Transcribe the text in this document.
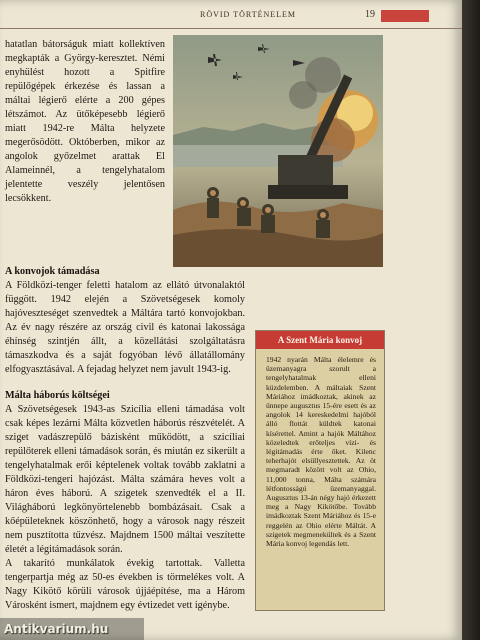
RÖVID TÖRTÉNELEM	19
hatatlan bátorságuk miatt kollektíven megkapták a György-keresztet. Némi enyhülést hozott a Spitfire repülőgépek érkezése és lassan a máltai légierő elérte a 200 gépes létszámot. Az ütőképesebb légierő miatt 1942-re Málta helyzete megerősödött. Októberben, mikor az angolok győzelmet arattak El Alameinnél, a tengelyhatalom jelentette veszély jelentősen lecsökkent.
A konvojok támadása
A Földközi-tenger feletti hatalom az ellátó útvonalaktól függött. 1942 elején a Szövetségesek komoly hajóveszteséget szenvedtek a Máltára tartó konvojokban. Az év nagy részére az ország civil és katonai lakossága éhínség szintjén állt, a közellátási szolgáltatásra támaszkodva és a saját fogyóban lévő állatállomány elfogyasztásával. A fejadag helyzet nem javult 1943-ig.
Málta háborús költségei
A Szövetségesek 1943-as Szicília elleni támadása volt csak képes lezárni Málta közvetlen háborús részvételét. A sziget vadászrepülő bázisként működött, a szicíliai repülőterek elleni támadások során, és miután ez sikerült a tengelyhatalmak erői képtelenek voltak tovább zaklatni a Földközi-tengeri hajózást. Málta számára heves volt a háron éves háború. A szigetek szenvedték el a II. Világháború legkönyörtelenebb bombázásait. Csak a kőépületeknek köszönhető, hogy a városok nagy részeit nem pusztította tűzvész. Majdnem 1500 máltai veszítette életét a légitámadások során.
A takarító munkálatok évekig tartottak. Valletta tengerpartja még az 50-es években is törmelékes volt. A Nagy Kikötő körüli városok újjáépítése, ma a Három Városként ismert, majdnem egy évtizedet vett igénybe.
A Szent Mária konvoj
1942 nyarán Málta élelemre és üzemanyagra szorult a tengelyhatalmak elleni küzdelemben. A máltaiak Szent Máriához imádkoztak, akinek az ünnepe augusztus 15-ére esett és az angolok 14 kereskedelmi hajóból álló flottát küldtek katonai kísérettel. Amint a hajók Máltához közeledtek erőteljes vízi- és légitámadás érte őket. Kilenc teherhajót elsüllyesztettek. Az öt megmaradt között volt az Ohio, 11,000 tonna, Málta számára létfontosságú üzemanyaggal. Augusztus 13-án négy hajó érkezett meg a Nagy Kikötőbe. Tovább imádkoztak Szent Máriához és 15-e reggelén az Ohio elérte Máltát. A szigetek megmenekültek és a Szent Mária konvoj legendás lett.
Antikvarium.hu
